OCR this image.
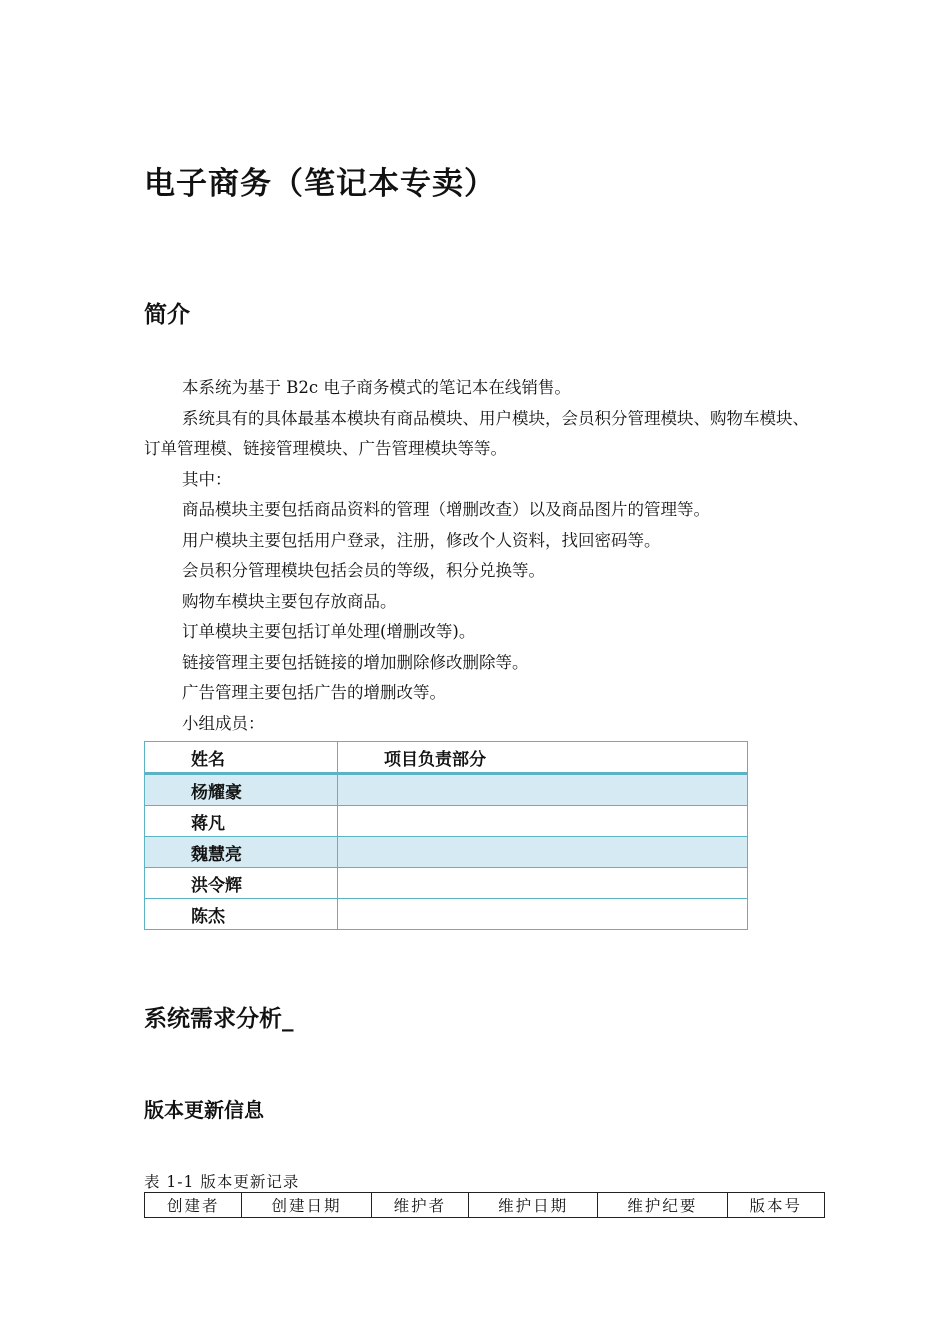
电子商务（笔记本专卖）
简介

本系统为基于 B2c 电子商务模式的笔记本在线销售。

系统具有的具体最基本模块有商品模块、用户模块，会员积分管理模块、购物车模块、订单管理模、链接管理模块、广告管理模块等等。

其中：

商品模块主要包括商品资料的管理（增删改查）以及商品图片的管理等。

用户模块主要包括用户登录，注册，修改个人资料，找回密码等。

会员积分管理模块包括会员的等级，积分兑换等。

购物车模块主要包存放商品。

订单模块主要包括订单处理(增删改等)。

链接管理主要包括链接的增加删除修改删除等。

广告管理主要包括广告的增删改等。

小组成员：

姓名	项目负责部分
杨耀豪	
蒋凡	
魏慧亮	
洪令辉	
陈杰	
系统需求分析_
版本更新信息

表 1-1 版本更新记录

创建者	创建日期	维护者	维护日期	维护纪要	版本号
